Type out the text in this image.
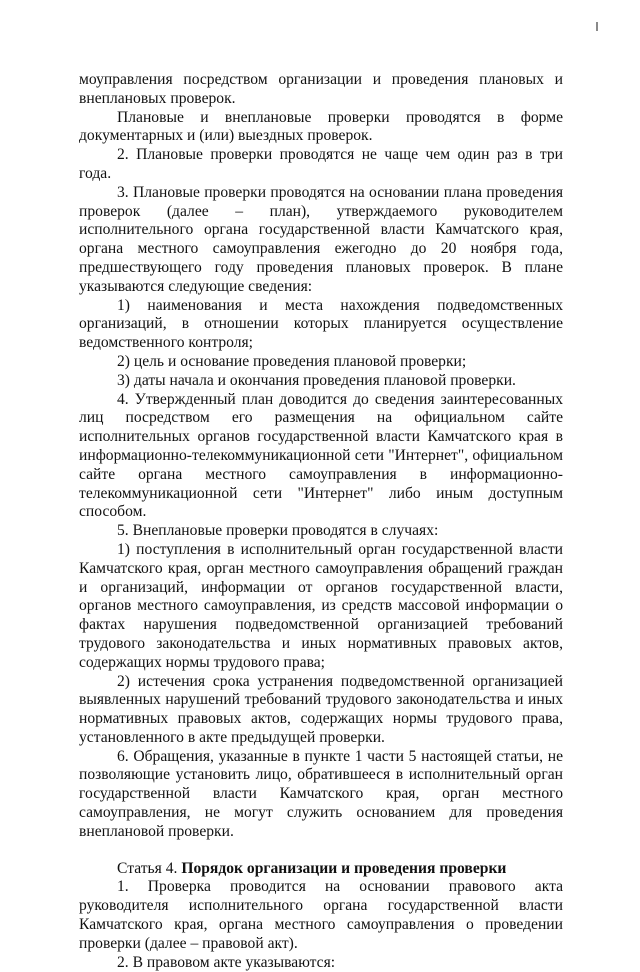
моуправления посредством организации и проведения плановых и внеплановых проверок.

Плановые и внеплановые проверки проводятся в форме документарных и (или) выездных проверок.

2. Плановые проверки проводятся не чаще чем один раз в три года.

3. Плановые проверки проводятся на основании плана проведения проверок (далее – план), утверждаемого руководителем исполнительного органа государственной власти Камчатского края, органа местного самоуправления ежегодно до 20 ноября года, предшествующего году проведения плановых проверок. В плане указываются следующие сведения:

1) наименования и места нахождения подведомственных организаций, в отношении которых планируется осуществление ведомственного контроля;

2) цель и основание проведения плановой проверки;

3) даты начала и окончания проведения плановой проверки.

4. Утвержденный план доводится до сведения заинтересованных лиц посредством его размещения на официальном сайте исполнительных органов государственной власти Камчатского края в информационно-телекоммуникационной сети "Интернет", официальном сайте органа местного самоуправления в информационно-телекоммуникационной сети "Интернет" либо иным доступным способом.

5. Внеплановые проверки проводятся в случаях:

1) поступления в исполнительный орган государственной власти Камчатского края, орган местного самоуправления обращений граждан и организаций, информации от органов государственной власти, органов местного самоуправления, из средств массовой информации о фактах нарушения подведомственной организацией требований трудового законодательства и иных нормативных правовых актов, содержащих нормы трудового права;

2) истечения срока устранения подведомственной организацией выявленных нарушений требований трудового законодательства и иных нормативных правовых актов, содержащих нормы трудового права, установленного в акте предыдущей проверки.

6. Обращения, указанные в пункте 1 части 5 настоящей статьи, не позволяющие установить лицо, обратившееся в исполнительный орган государственной власти Камчатского края, орган местного самоуправления, не могут служить основанием для проведения внеплановой проверки.

Статья 4. Порядок организации и проведения проверки

1. Проверка проводится на основании правового акта руководителя исполнительного органа государственной власти Камчатского края, органа местного самоуправления о проведении проверки (далее – правовой акт).

2. В правовом акте указываются:
